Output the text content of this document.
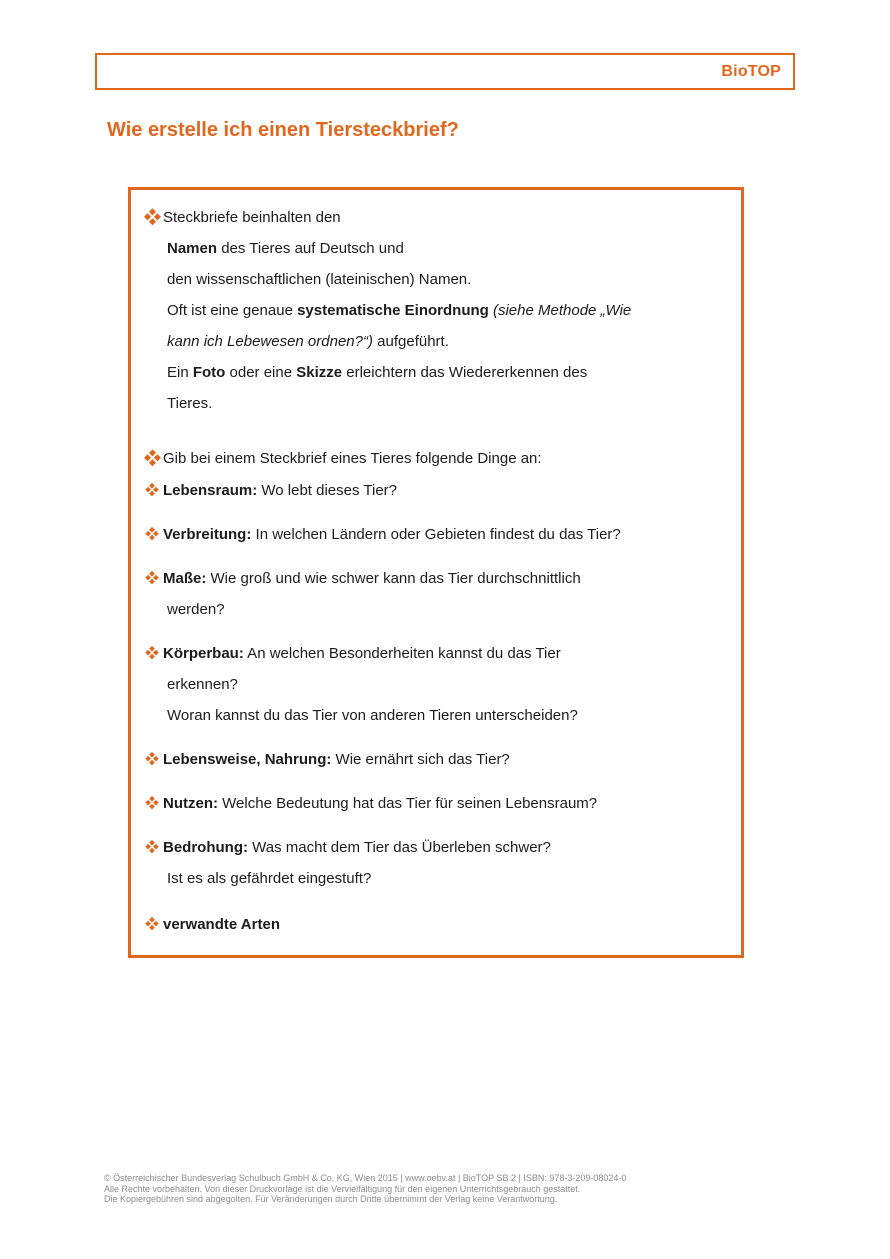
BioTOP
Wie erstelle ich einen Tiersteckbrief?
Steckbriefe beinhalten den
Namen des Tieres auf Deutsch und
den wissenschaftlichen (lateinischen) Namen.
Oft ist eine genaue systematische Einordnung (siehe Methode „Wie
kann ich Lebewesen ordnen?“) aufgeführt.
Ein Foto oder eine Skizze erleichtern das Wiedererkennen des
Tieres.
Gib bei einem Steckbrief eines Tieres folgende Dinge an:
Lebensraum: Wo lebt dieses Tier?
Verbreitung: In welchen Ländern oder Gebieten findest du das Tier?
Maße: Wie groß und wie schwer kann das Tier durchschnittlich
werden?
Körperbau: An welchen Besonderheiten kannst du das Tier
erkennen?
Woran kannst du das Tier von anderen Tieren unterscheiden?
Lebensweise, Nahrung: Wie ernährt sich das Tier?
Nutzen: Welche Bedeutung hat das Tier für seinen Lebensraum?
Bedrohung: Was macht dem Tier das Überleben schwer?
Ist es als gefährdet eingestuft?
verwandte Arten
© Österreichischer Bundesverlag Schulbuch GmbH & Co. KG, Wien 2015 | www.oebv.at | BioTOP SB 2 | ISBN: 978-3-209-08024-0
Alle Rechte vorbehalten. Von dieser Druckvorlage ist die Vervielfältigung für den eigenen Unterrichtsgebrauch gestattet.
Die Kopiergebühren sind abgegolten. Für Veränderungen durch Dritte übernimmt der Verlag keine Verantwortung.
